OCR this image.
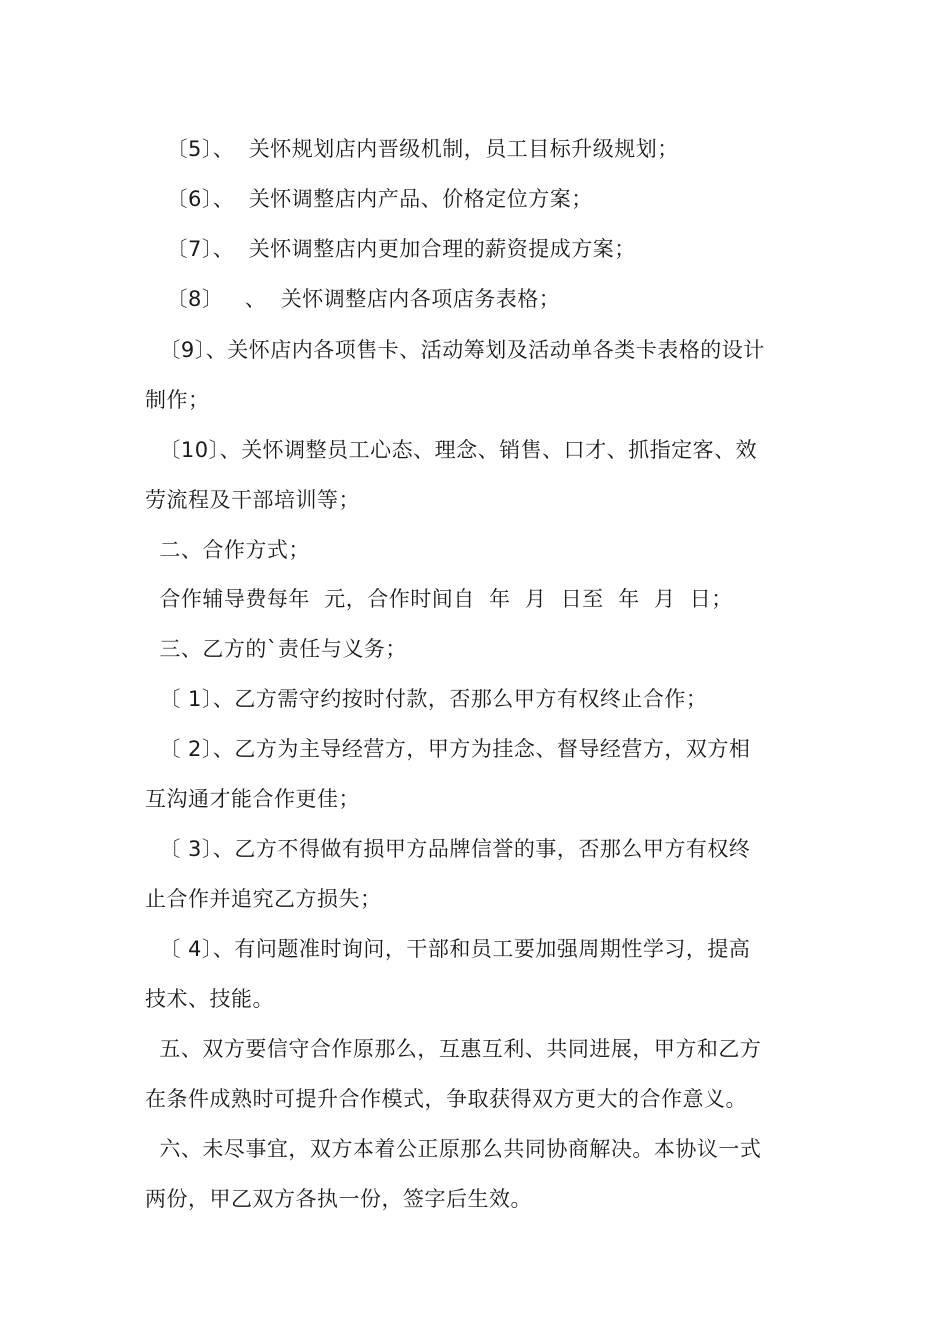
〔5〕、  关怀规划店内晋级机制，员工目标升级规划；
〔6〕、  关怀调整店内产品、价格定位方案；
〔7〕、  关怀调整店内更加合理的薪资提成方案；
〔8〕   、  关怀调整店内各项店务表格；
〔9〕、关怀店内各项售卡、活动筹划及活动单各类卡表格的设计
制作；
〔10〕、关怀调整员工心态、理念、销售、口才、抓指定客、效
劳流程及干部培训等；
二、合作方式；
合作辅导费每年  元，合作时间自  年  月  日至  年  月  日；
三、乙方的`责任与义务；
〔 1〕、乙方需守约按时付款，否那么甲方有权终止合作；
〔 2〕、乙方为主导经营方，甲方为挂念、督导经营方，双方相
互沟通才能合作更佳；
〔 3〕、乙方不得做有损甲方品牌信誉的事，否那么甲方有权终
止合作并追究乙方损失；
〔 4〕、有问题准时询问，干部和员工要加强周期性学习，提高
技术、技能。
五、双方要信守合作原那么，互惠互利、共同进展，甲方和乙方
在条件成熟时可提升合作模式，争取获得双方更大的合作意义。
六、未尽事宜，双方本着公正原那么共同协商解决。本协议一式
两份，甲乙双方各执一份，签字后生效。
